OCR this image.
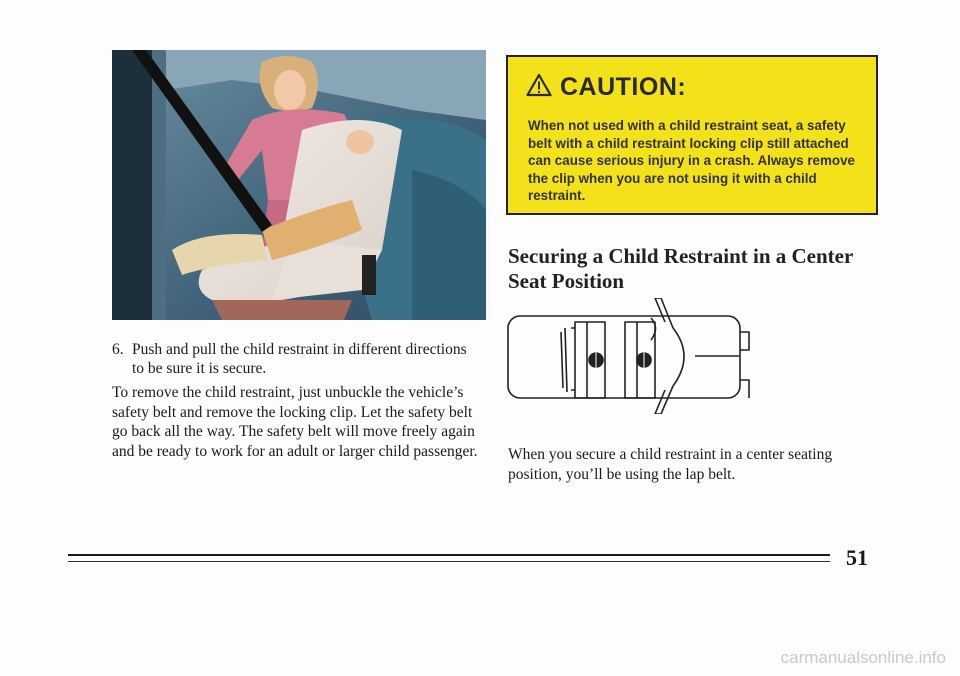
CAUTION:
When not used with a child restraint seat, a safety belt with a child restraint locking clip still attached can cause serious injury in a crash. Always remove the clip when you are not using it with a child restraint.
Securing a Child Restraint in a Center Seat Position
6. Push and pull the child restraint in different directions to be sure it is secure.
To remove the child restraint, just unbuckle the vehicle’s safety belt and remove the locking clip. Let the safety belt go back all the way. The safety belt will move freely again and be ready to work for an adult or larger child passenger.	When you secure a child restraint in a center seating position, you’ll be using the lap belt.
51
carmanualsonline.info
